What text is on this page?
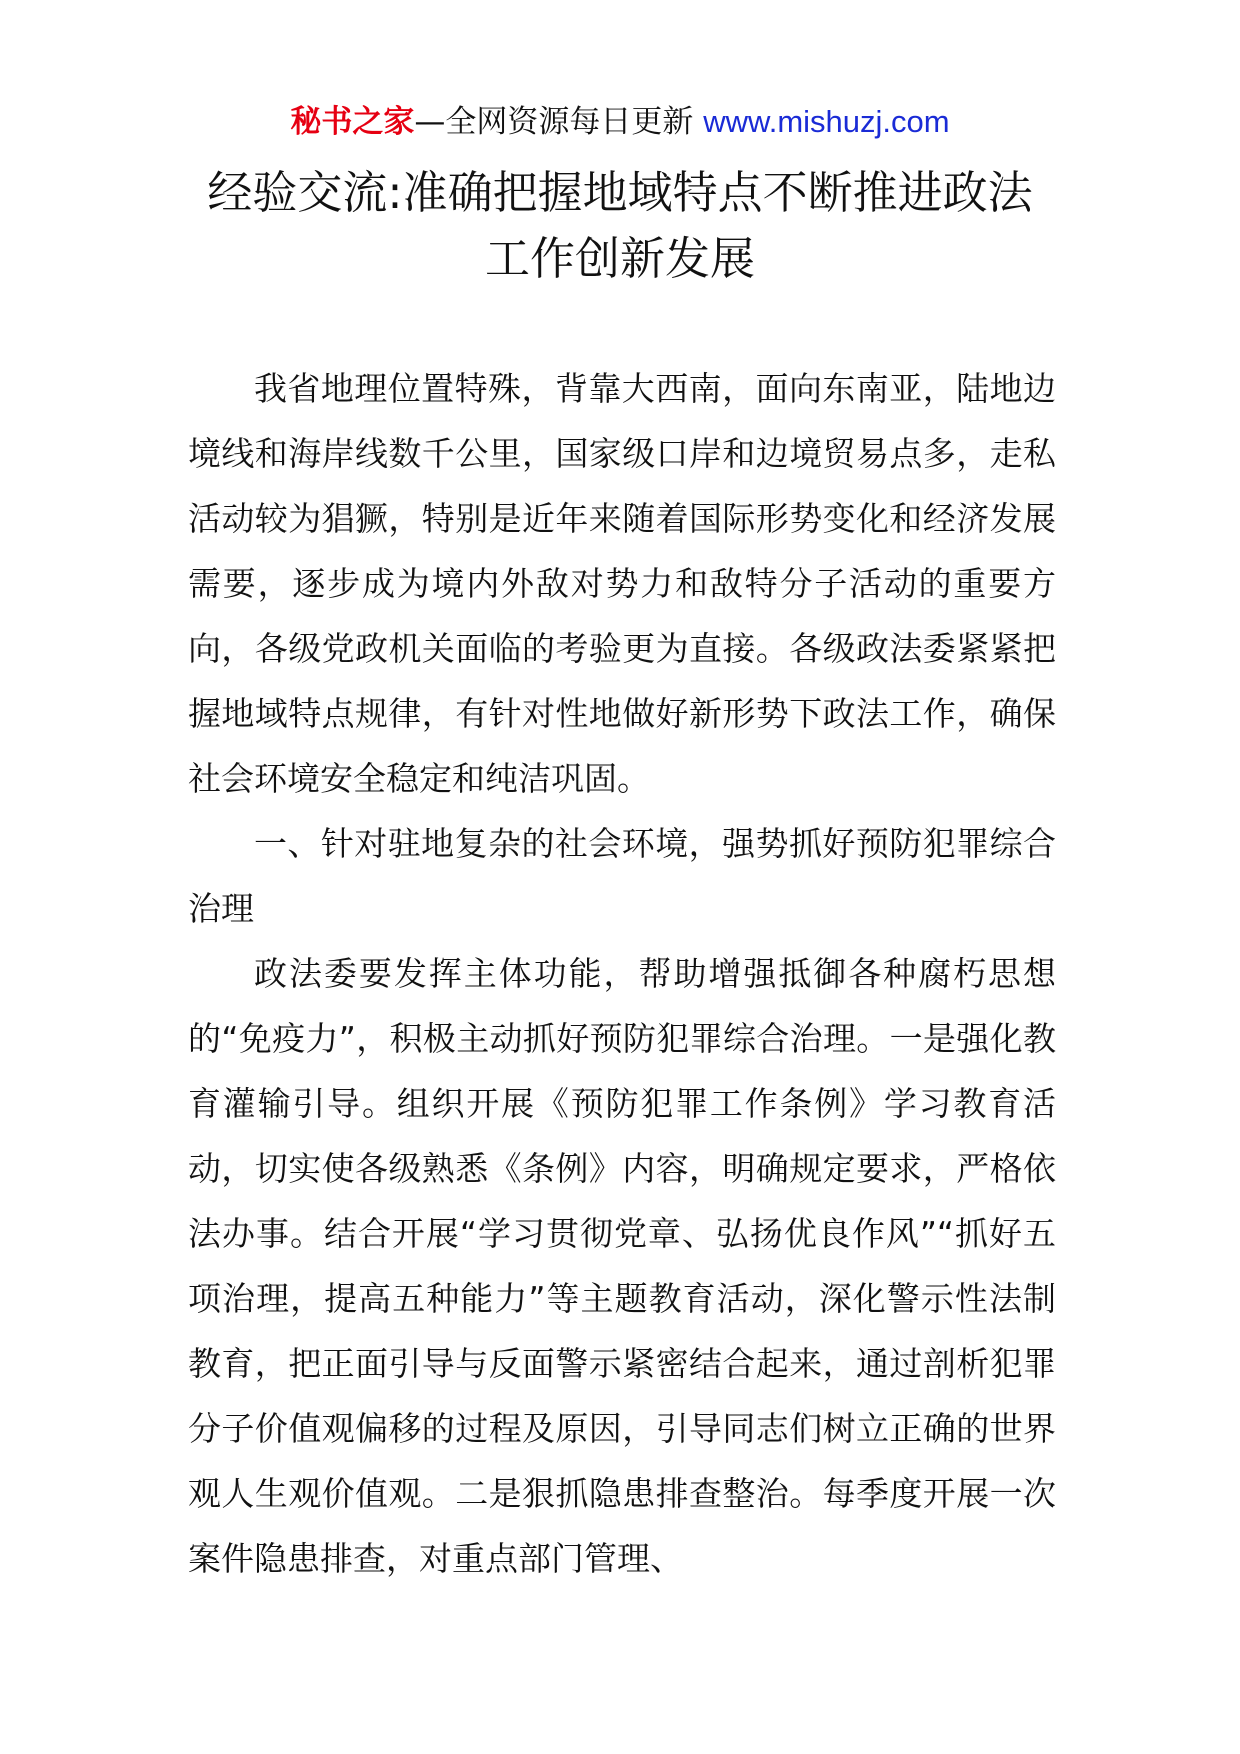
秘书之家—全网资源每日更新 www.mishuzj.com
经验交流:准确把握地域特点不断推进政法
工作创新发展

我省地理位置特殊，背靠大西南，面向东南亚，陆地边境线和海岸线数千公里，国家级口岸和边境贸易点多，走私活动较为猖獗，特别是近年来随着国际形势变化和经济发展需要，逐步成为境内外敌对势力和敌特分子活动的重要方向，各级党政机关面临的考验更为直接。各级政法委紧紧把握地域特点规律，有针对性地做好新形势下政法工作，确保社会环境安全稳定和纯洁巩固。

一、针对驻地复杂的社会环境，强势抓好预防犯罪综合治理

政法委要发挥主体功能，帮助增强抵御各种腐朽思想的“免疫力”，积极主动抓好预防犯罪综合治理。一是强化教育灌输引导。组织开展《预防犯罪工作条例》学习教育活动，切实使各级熟悉《条例》内容，明确规定要求，严格依法办事。结合开展“学习贯彻党章、弘扬优良作风”“抓好五项治理，提高五种能力”等主题教育活动，深化警示性法制教育，把正面引导与反面警示紧密结合起来，通过剖析犯罪分子价值观偏移的过程及原因，引导同志们树立正确的世界观人生观价值观。二是狠抓隐患排查整治。每季度开展一次案件隐患排查，对重点部门管理、
